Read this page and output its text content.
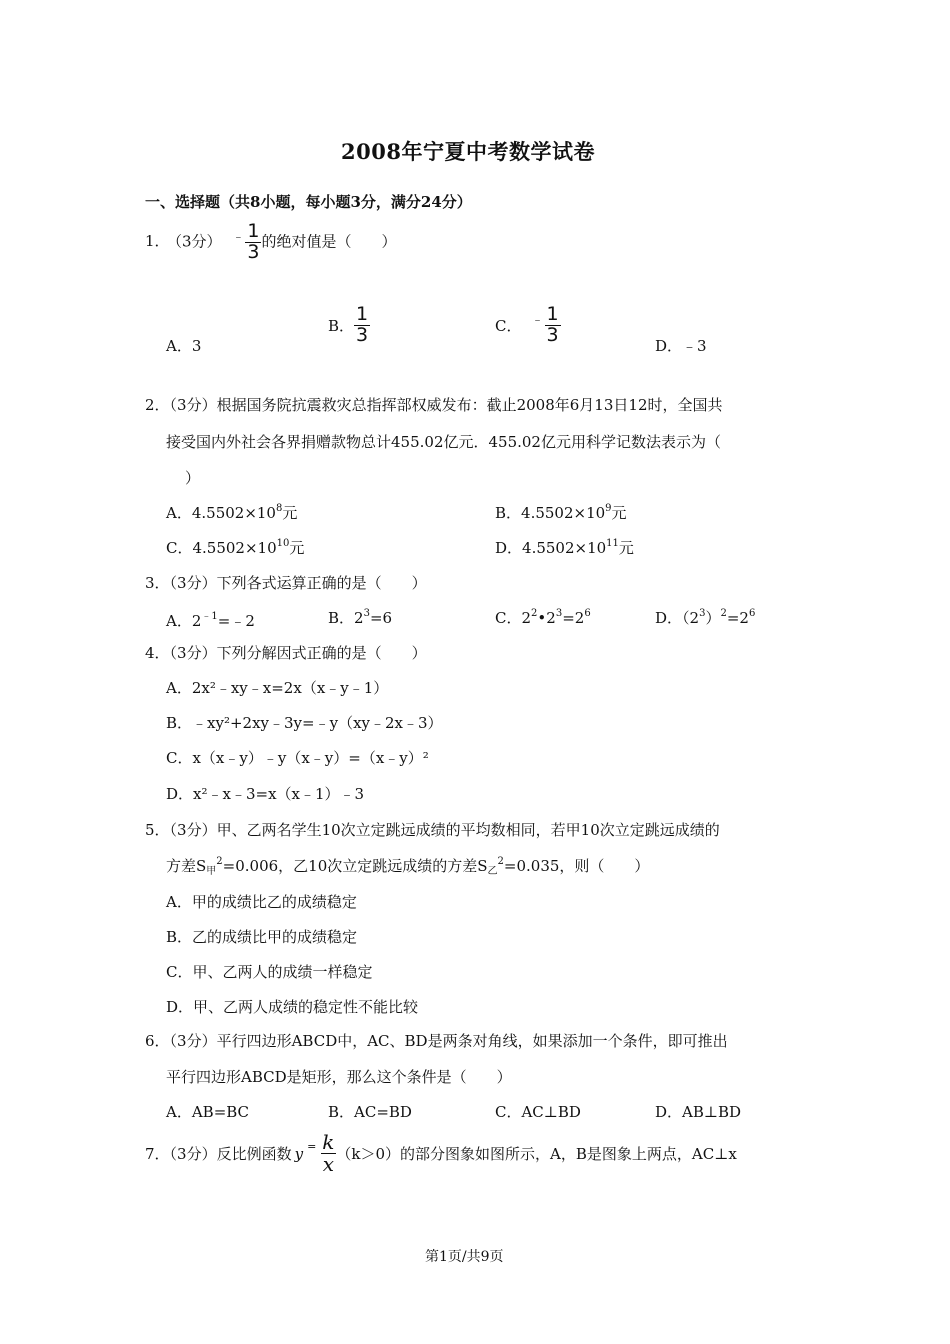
2008年宁夏中考数学试卷
一、选择题（共8小题，每小题3分，满分24分）
1．（3分） $^﹣ \frac{1}{3}$ 的绝对值是（　　）
A．3
B． $\frac{1}{3}$	C． $^﹣ \frac{1}{3}$
D．﹣3
2．（3分）根据国务院抗震救灾总指挥部权威发布：截止2008年6月13日12时，全国共
接受国内外社会各界捐赠款物总计455.02亿元．455.02亿元用科学记数法表示为（
）
A．$4.5502\times 10^8$元	B．$4.5502\times 10^9$元
C．$4.5502\times 10^{10}$元	D．$4.5502\times 10^{11}$元
3．（3分）下列各式运算正确的是（　　）
A．$2^{﹣1}=﹣2$	B．$2^3=6$	C．$2^2•2^3=2^6$	D．$(2^3)^2=2^6$
4．（3分）下列分解因式正确的是（　　）
A．2x²﹣xy﹣x=2x（x﹣y﹣1）
B．﹣xy²+2xy﹣3y=﹣y（xy﹣2x﹣3）
C．x（x﹣y）﹣y（x﹣y）=（x﹣y）²
D．x²﹣x﹣3=x（x﹣1）﹣3
5．（3分）甲、乙两名学生10次立定跳远成绩的平均数相同，若甲10次立定跳远成绩的
方差$S_甲^2=0.006$，乙10次立定跳远成绩的方差$S_乙^2=0.035$，则（　　）
A．甲的成绩比乙的成绩稳定
B．乙的成绩比甲的成绩稳定
C．甲、乙两人的成绩一样稳定
D．甲、乙两人成绩的稳定性不能比较
6．（3分）平行四边形ABCD中，AC、BD是两条对角线，如果添加一个条件，即可推出
平行四边形ABCD是矩形，那么这个条件是（　　）
A．AB=BC	B．AC=BD	C．AC⊥BD	D．AB⊥BD
7．（3分）反比例函数 y $^= \frac{k}{x} (k>0)$的部分图象如图所示，A，B是图象上两点，AC⊥x
第1页/共9页
